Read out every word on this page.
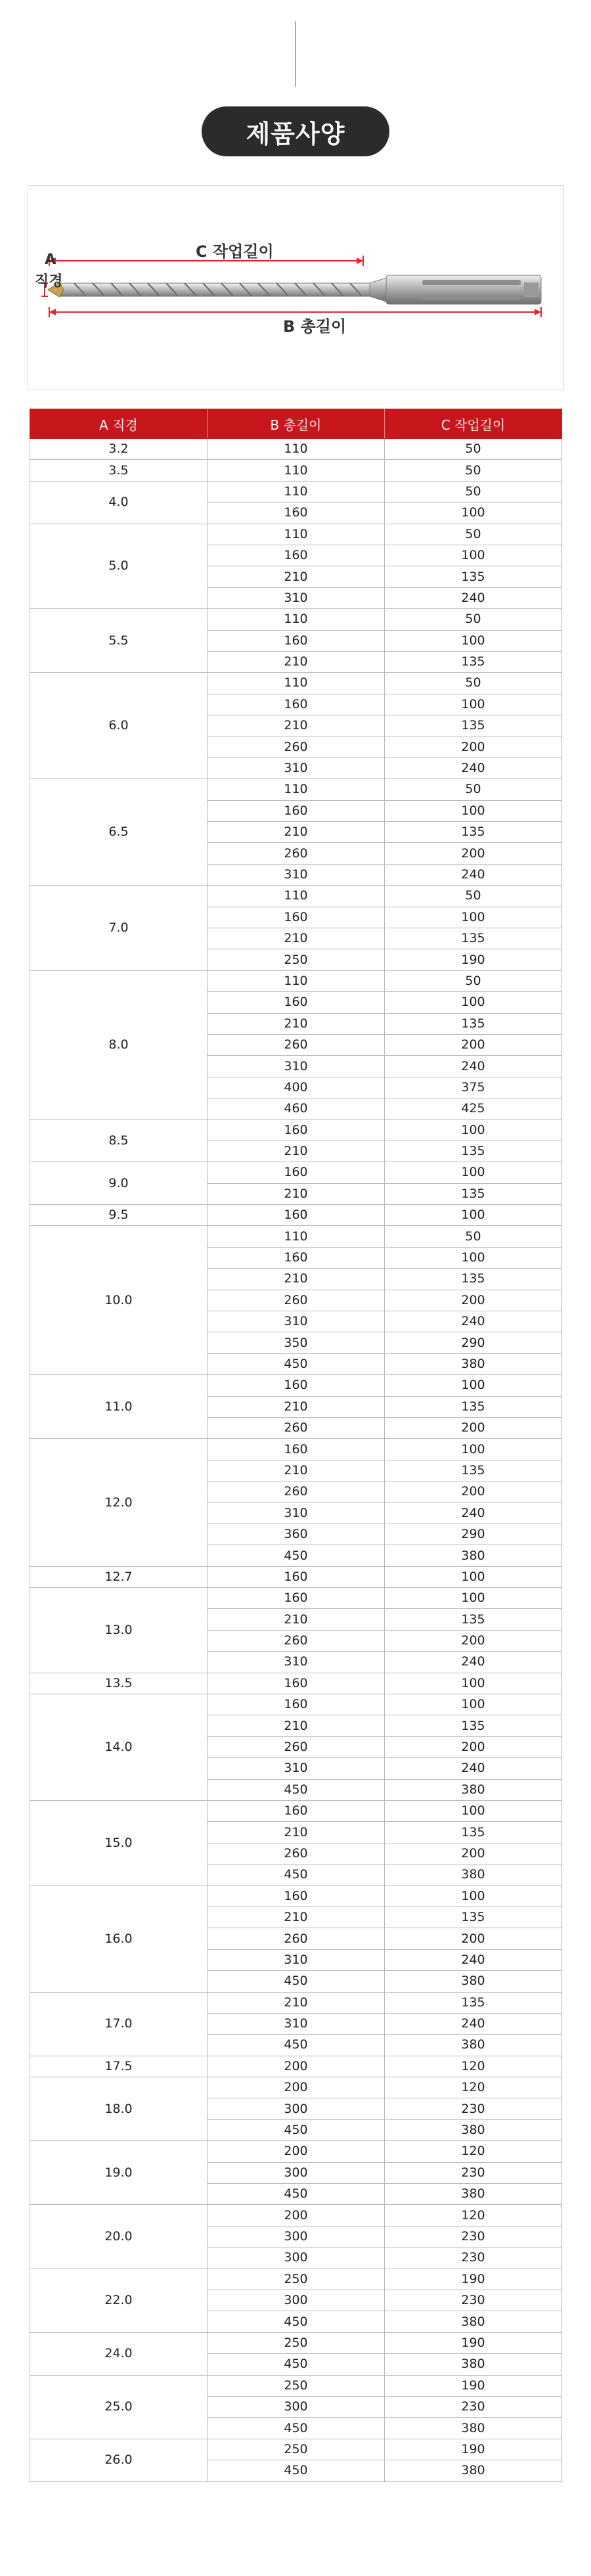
제품사양
A
직경
C 작업길이
B 총길이
A 직경	B 총길이	C 작업길이
3.2	110	50
3.5	110	50
4.0	110	50
	160	100
5.0	110	50
	160	100
	210	135
	310	240
5.5	110	50
	160	100
	210	135
6.0	110	50
	160	100
	210	135
	260	200
	310	240
6.5	110	50
	160	100
	210	135
	260	200
	310	240
7.0	110	50
	160	100
	210	135
	250	190
8.0	110	50
	160	100
	210	135
	260	200
	310	240
	400	375
	460	425
8.5	160	100
	210	135
9.0	160	100
	210	135
9.5	160	100
10.0	110	50
	160	100
	210	135
	260	200
	310	240
	350	290
	450	380
11.0	160	100
	210	135
	260	200
12.0	160	100
	210	135
	260	200
	310	240
	360	290
	450	380
12.7	160	100
13.0	160	100
	210	135
	260	200
	310	240
13.5	160	100
14.0	160	100
	210	135
	260	200
	310	240
	450	380
15.0	160	100
	210	135
	260	200
	450	380
16.0	160	100
	210	135
	260	200
	310	240
	450	380
17.0	210	135
	310	240
	450	380
17.5	200	120
18.0	200	120
	300	230
	450	380
19.0	200	120
	300	230
	450	380
20.0	200	120
	300	230
	300	230
22.0	250	190
	300	230
	450	380
24.0	250	190
	450	380
25.0	250	190
	300	230
	450	380
26.0	250	190
	450	380
